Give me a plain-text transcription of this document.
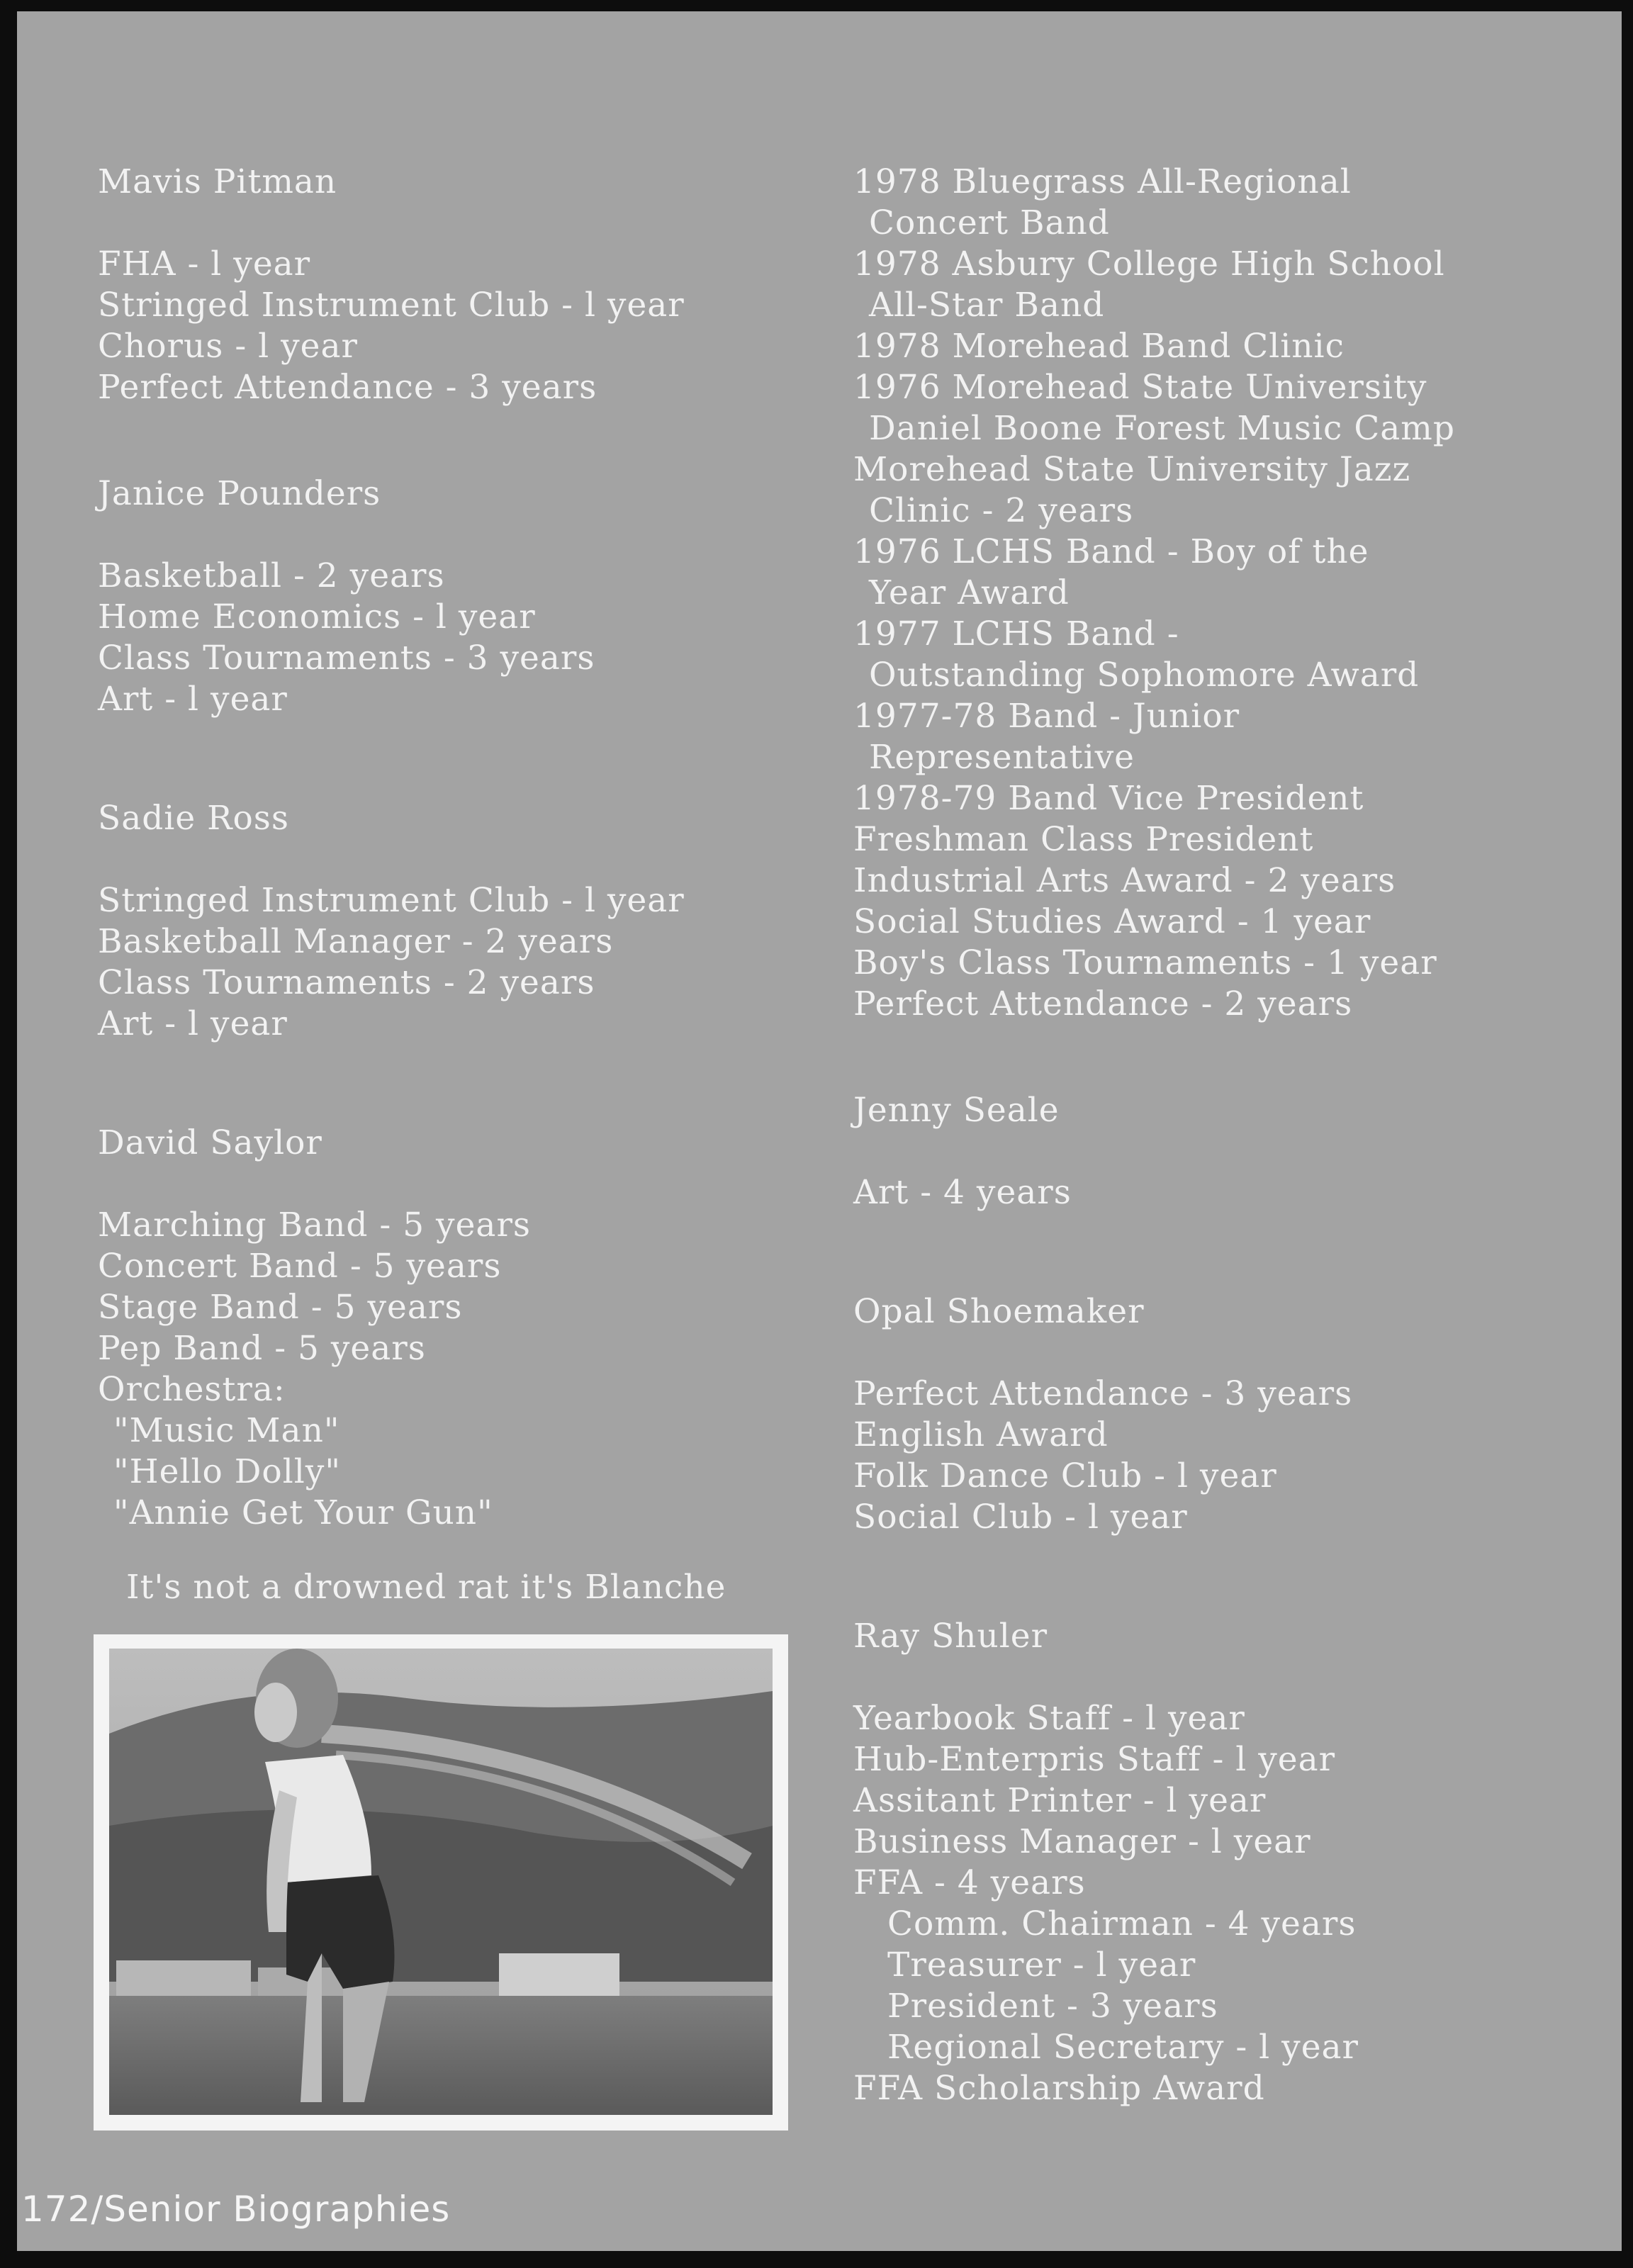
Mavis Pitman
FHA - l year
Stringed Instrument Club - l year
Chorus - l year
Perfect Attendance - 3 years
Janice Pounders
Basketball - 2 years
Home Economics - l year
Class Tournaments - 3 years
Art - l year
Sadie Ross
Stringed Instrument Club - l year
Basketball Manager - 2 years
Class Tournaments - 2 years
Art - l year
David Saylor
Marching Band - 5 years
Concert Band - 5 years
Stage Band - 5 years
Pep Band - 5 years
Orchestra:
"Music Man"
"Hello Dolly"
"Annie Get Your Gun"
It's not a drowned rat it's Blanche
1978 Bluegrass All-Regional
Concert Band
1978 Asbury College High School
All-Star Band
1978 Morehead Band Clinic
1976 Morehead State University
Daniel Boone Forest Music Camp
Morehead State University Jazz
Clinic - 2 years
1976 LCHS Band - Boy of the
Year Award
1977 LCHS Band -
Outstanding Sophomore Award
1977-78 Band - Junior
Representative
1978-79 Band Vice President
Freshman Class President
Industrial Arts Award - 2 years
Social Studies Award - 1 year
Boy's Class Tournaments - 1 year
Perfect Attendance - 2 years
Jenny Seale
Art - 4 years
Opal Shoemaker
Perfect Attendance - 3 years
English Award
Folk Dance Club - l year
Social Club - l year
Ray Shuler
Yearbook Staff - l year
Hub-Enterpris Staff - l year
Assitant Printer - l year
Business Manager - l year
FFA - 4 years
Comm. Chairman - 4 years
Treasurer - l year
President - 3 years
Regional Secretary - l year
FFA Scholarship Award
172/Senior Biographies
